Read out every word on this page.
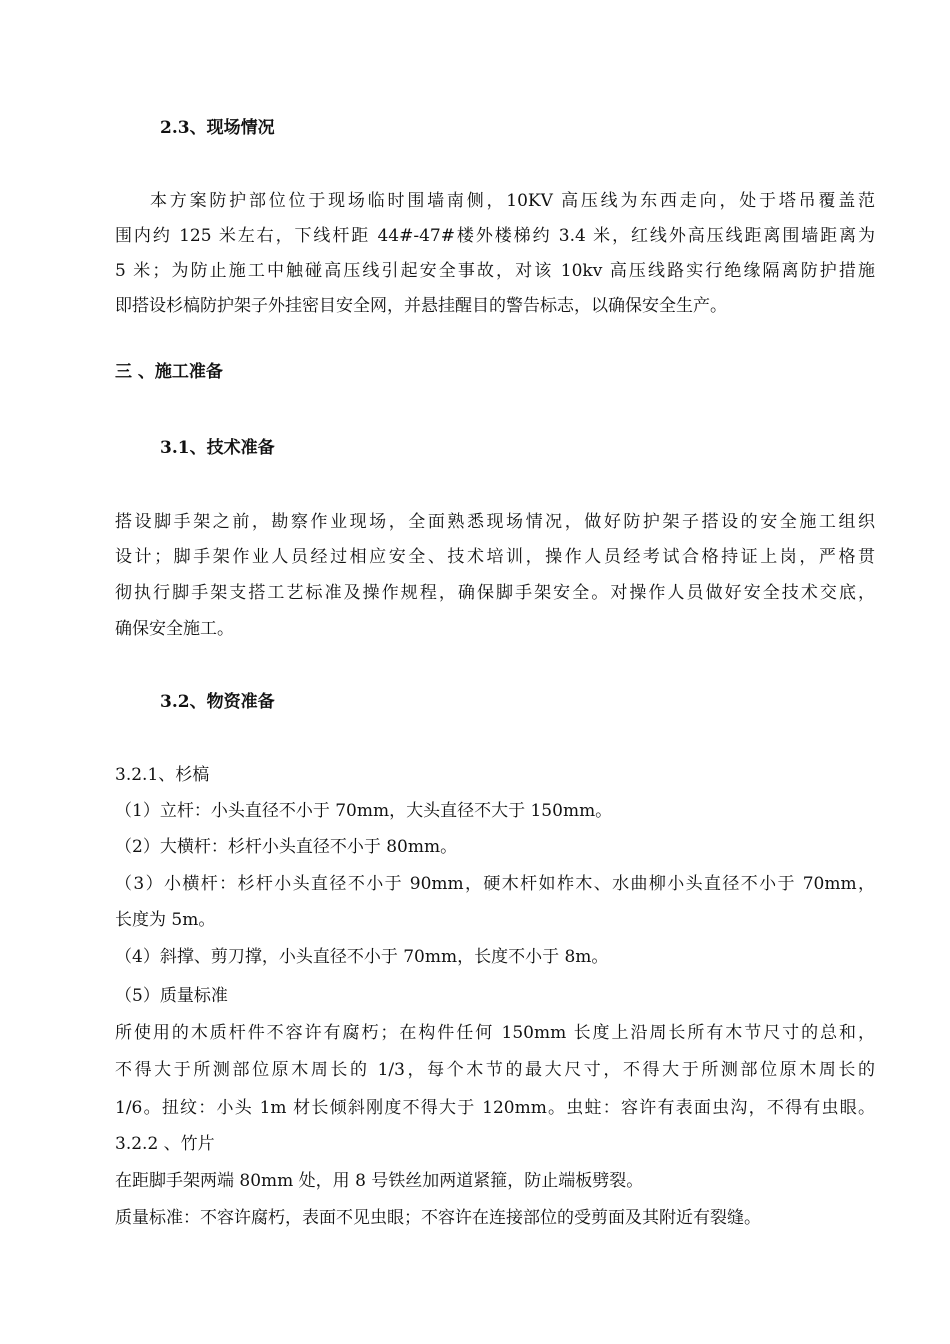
2.3、现场情况
本方案防护部位位于现场临时围墙南侧，10KV 高压线为东西走向，处于塔吊覆盖范
围内约 125 米左右，下线杆距 44#-47#楼外楼梯约 3.4 米，红线外高压线距离围墙距离为
5 米；为防止施工中触碰高压线引起安全事故，对该 10kv 高压线路实行绝缘隔离防护措施
即搭设杉槁防护架子外挂密目安全网，并悬挂醒目的警告标志，以确保安全生产。
三 、施工准备
3.1、技术准备
搭设脚手架之前，勘察作业现场，全面熟悉现场情况，做好防护架子搭设的安全施工组织
设计；脚手架作业人员经过相应安全、技术培训，操作人员经考试合格持证上岗，严格贯
彻执行脚手架支搭工艺标准及操作规程，确保脚手架安全。对操作人员做好安全技术交底，
确保安全施工。
3.2、物资准备
3.2.1、杉槁
（1）立杆：小头直径不小于 70mm，大头直径不大于 150mm。
（2）大横杆：杉杆小头直径不小于 80mm。
（3）小横杆：杉杆小头直径不小于 90mm，硬木杆如柞木、水曲柳小头直径不小于 70mm，
长度为 5m。
（4）斜撑、剪刀撑，小头直径不小于 70mm，长度不小于 8m。
（5）质量标准
所使用的木质杆件不容许有腐朽；在构件任何 150mm 长度上沿周长所有木节尺寸的总和，
不得大于所测部位原木周长的 1/3，每个木节的最大尺寸，不得大于所测部位原木周长的
1/6。扭纹：小头 1m 材长倾斜刚度不得大于 120mm。虫蛀：容许有表面虫沟，不得有虫眼。
3.2.2 、竹片
在距脚手架两端 80mm 处，用 8 号铁丝加两道紧箍，防止端板劈裂。
质量标准：不容许腐朽，表面不见虫眼；不容许在连接部位的受剪面及其附近有裂缝。
